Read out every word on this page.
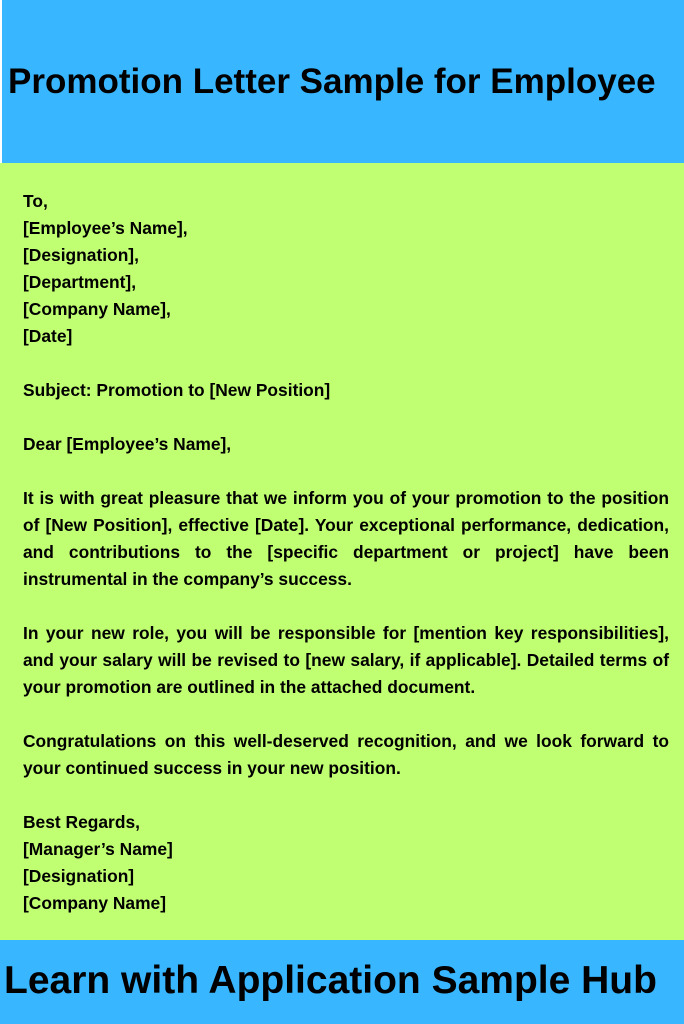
Promotion Letter Sample for Employee
To,
[Employee’s Name],
[Designation],
[Department],
[Company Name],
[Date]
Subject: Promotion to [New Position]
Dear [Employee’s Name],

It is with great pleasure that we inform you of your promotion to the position of [New Position], effective [Date]. Your exceptional performance, dedication, and contributions to the [specific department or project] have been instrumental in the company’s success.

In your new role, you will be responsible for [mention key responsibilities], and your salary will be revised to [new salary, if applicable]. Detailed terms of your promotion are outlined in the attached document.

Congratulations on this well-deserved recognition, and we look forward to your continued success in your new position.

Best Regards,
[Manager’s Name]
[Designation]
[Company Name]
Learn with Application Sample Hub
